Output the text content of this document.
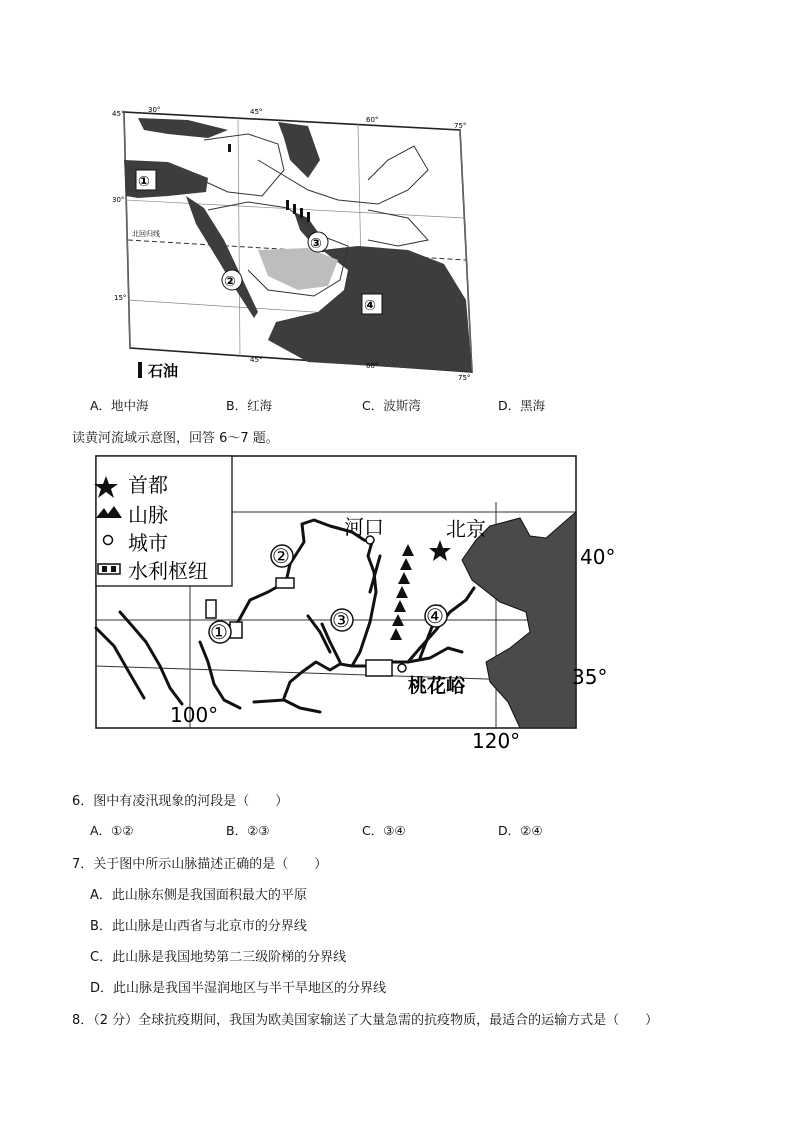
45°
30°
15°
30°	45°
60°
75°
45°
60°
75°
北回归线
①
②
③
④
石油
A．地中海	B．红海	C．波斯湾	D．黑海
读黄河流域示意图，回答 6～7 题。
首都
山脉
城市
水利枢纽
河口	北京
桃花峪
①
②
③	④
40°
35°
100°
120°
6．图中有凌汛现象的河段是（　　）
A．①②	B．②③	C．③④	D．②④
7．关于图中所示山脉描述正确的是（　　）
A．此山脉东侧是我国面积最大的平原
B．此山脉是山西省与北京市的分界线
C．此山脉是我国地势第二三级阶梯的分界线
D．此山脉是我国半湿润地区与半干旱地区的分界线
8．（2 分）全球抗疫期间，我国为欧美国家输送了大量急需的抗疫物质，最适合的运输方式是（　　）
